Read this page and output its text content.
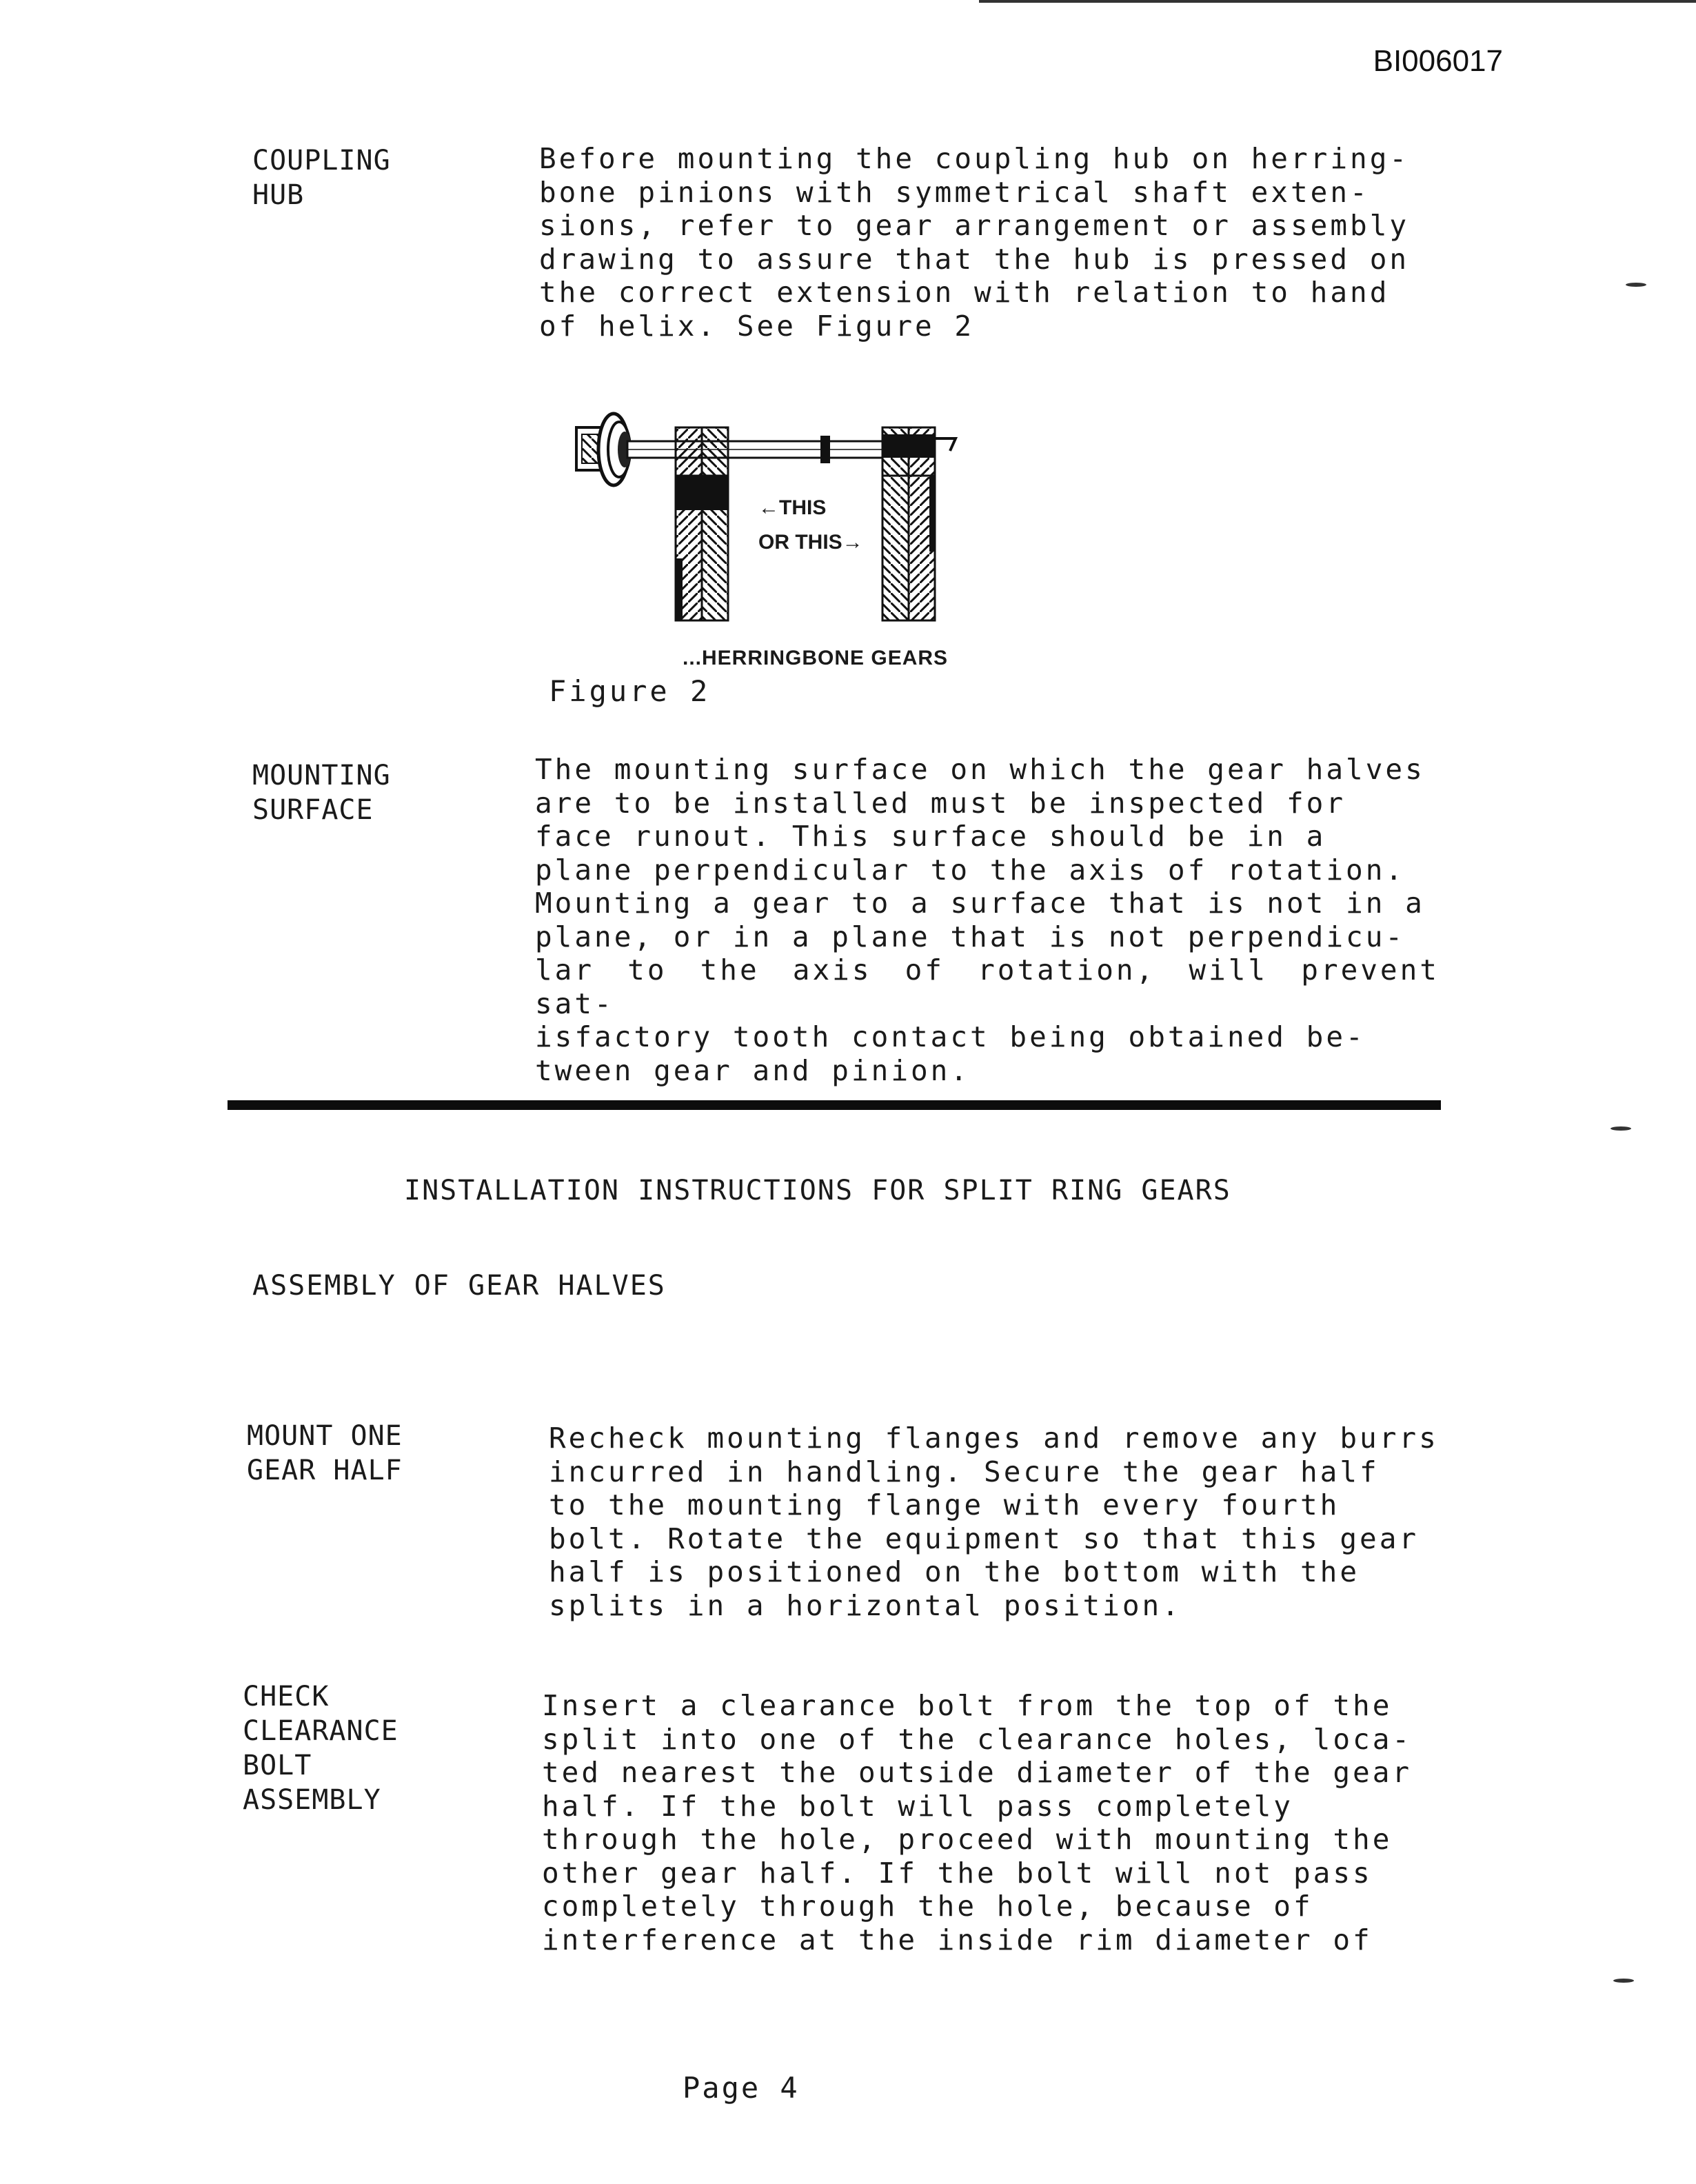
BI006017
COUPLING
HUB
Before mounting the coupling hub on herring-
bone pinions with symmetrical shaft exten-
sions, refer to gear arrangement or assembly
drawing to assure that the hub is pressed on
the correct extension with relation to hand
of helix. See Figure 2
←THIS
OR THIS→
...HERRINGBONE GEARS
Figure 2
MOUNTING
SURFACE
The mounting surface on which the gear halves
are to be installed must be inspected for
face runout. This surface should be in a
plane perpendicular to the axis of rotation.
Mounting a gear to a surface that is not in a
plane, or in a plane that is not perpendicu-
lar to the axis of rotation, will prevent sat-
isfactory tooth contact being obtained be-
tween gear and pinion.
INSTALLATION INSTRUCTIONS FOR SPLIT RING GEARS
ASSEMBLY OF GEAR HALVES
MOUNT ONE
GEAR HALF
Recheck mounting flanges and remove any burrs
incurred in handling. Secure the gear half
to the mounting flange with every fourth
bolt. Rotate the equipment so that this gear
half is positioned on the bottom with the
splits in a horizontal position.
CHECK
CLEARANCE
BOLT
ASSEMBLY
Insert a clearance bolt from the top of the
split into one of the clearance holes, loca-
ted nearest the outside diameter of the gear
half. If the bolt will pass completely
through the hole, proceed with mounting the
other gear half. If the bolt will not pass
completely through the hole, because of
interference at the inside rim diameter of
Page 4
